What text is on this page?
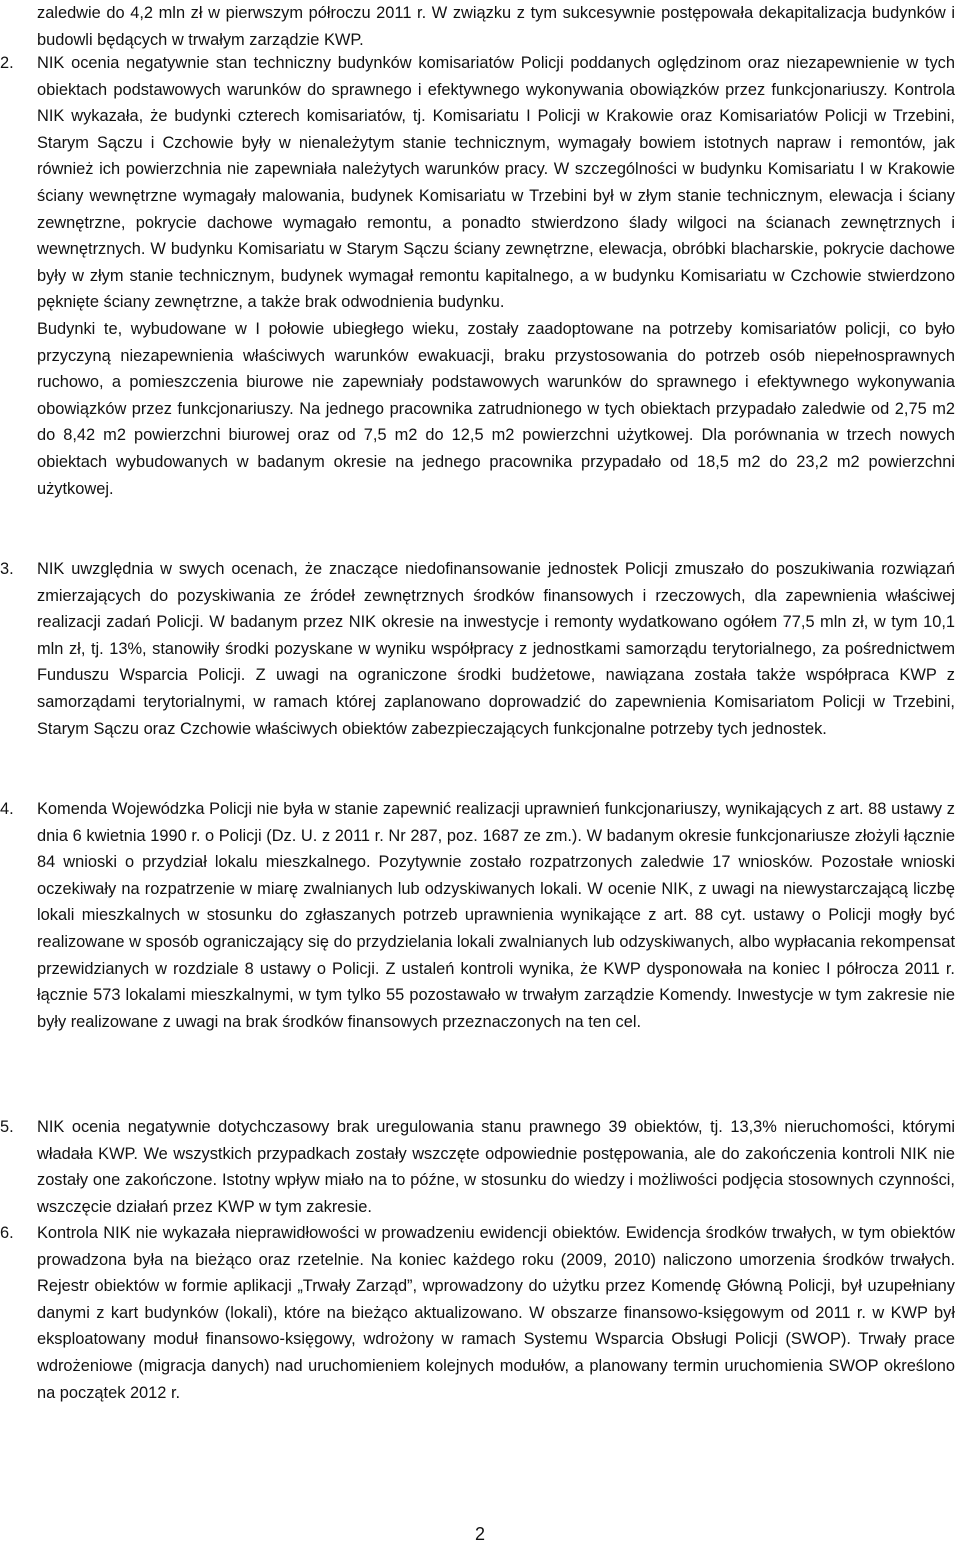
zaledwie do 4,2 mln zł w pierwszym półroczu 2011 r. W związku z tym sukcesywnie postępowała dekapitalizacja budynków i budowli będących w trwałym zarządzie KWP.

2.	NIK ocenia negatywnie stan techniczny budynków komisariatów Policji poddanych oględzinom oraz niezapewnienie w tych obiektach podstawowych warunków do sprawnego i efektywnego wykonywania obowiązków przez funkcjonariuszy. Kontrola NIK wykazała, że budynki czterech komisariatów, tj. Komisariatu I Policji w Krakowie oraz Komisariatów Policji w Trzebini, Starym Sączu i Czchowie były w nienależytym stanie technicznym, wymagały bowiem istotnych napraw i remontów, jak również ich powierzchnia nie zapewniała należytych warunków pracy. W szczególności w budynku Komisariatu I w Krakowie ściany wewnętrzne wymagały malowania, budynek Komisariatu w Trzebini był w złym stanie technicznym, elewacja i ściany zewnętrzne, pokrycie dachowe wymagało remontu, a ponadto stwierdzono ślady wilgoci na ścianach zewnętrznych i wewnętrznych. W budynku Komisariatu w Starym Sączu ściany zewnętrzne, elewacja, obróbki blacharskie, pokrycie dachowe były w złym stanie technicznym, budynek wymagał remontu kapitalnego, a w budynku Komisariatu w Czchowie stwierdzono pęknięte ściany zewnętrzne, a także brak odwodnienia budynku.

Budynki te, wybudowane w I połowie ubiegłego wieku, zostały zaadoptowane na potrzeby komisariatów policji, co było przyczyną niezapewnienia właściwych warunków ewakuacji, braku przystosowania do potrzeb osób niepełnosprawnych ruchowo, a pomieszczenia biurowe nie zapewniały podstawowych warunków do sprawnego i efektywnego wykonywania obowiązków przez funkcjonariuszy. Na jednego pracownika zatrudnionego w tych obiektach przypadało zaledwie od 2,75 m2 do 8,42 m2 powierzchni biurowej oraz od 7,5 m2 do 12,5 m2 powierzchni użytkowej. Dla porównania w trzech nowych obiektach wybudowanych w badanym okresie na jednego pracownika przypadało od 18,5 m2 do 23,2 m2 powierzchni użytkowej.

3.	NIK uwzględnia w swych ocenach, że znaczące niedofinansowanie jednostek Policji zmuszało do poszukiwania rozwiązań zmierzających do pozyskiwania ze źródeł zewnętrznych środków finansowych i rzeczowych, dla zapewnienia właściwej realizacji zadań Policji. W badanym przez NIK okresie na inwestycje i remonty wydatkowano ogółem 77,5 mln zł, w tym 10,1 mln zł, tj. 13%, stanowiły środki pozyskane w wyniku współpracy z jednostkami samorządu terytorialnego, za pośrednictwem Funduszu Wsparcia Policji. Z uwagi na ograniczone środki budżetowe, nawiązana została także współpraca KWP z samorządami terytorialnymi, w ramach której zaplanowano doprowadzić do zapewnienia Komisariatom Policji w Trzebini, Starym Sączu oraz Czchowie właściwych obiektów zabezpieczających funkcjonalne potrzeby tych jednostek.

4.	Komenda Wojewódzka Policji nie była w stanie zapewnić realizacji uprawnień funkcjonariuszy, wynikających z art. 88 ustawy z dnia 6 kwietnia 1990 r. o Policji (Dz. U. z 2011 r. Nr 287, poz. 1687 ze zm.). W badanym okresie funkcjonariusze złożyli łącznie 84 wnioski o przydział lokalu mieszkalnego. Pozytywnie zostało rozpatrzonych zaledwie 17 wniosków. Pozostałe wnioski oczekiwały na rozpatrzenie w miarę zwalnianych lub odzyskiwanych lokali. W ocenie NIK, z uwagi na niewystarczającą liczbę lokali mieszkalnych w stosunku do zgłaszanych potrzeb uprawnienia wynikające z art. 88 cyt. ustawy o Policji mogły być realizowane w sposób ograniczający się do przydzielania lokali zwalnianych lub odzyskiwanych, albo wypłacania rekompensat przewidzianych w rozdziale 8 ustawy o Policji. Z ustaleń kontroli wynika, że KWP dysponowała na koniec I półrocza 2011 r. łącznie 573 lokalami mieszkalnymi, w tym tylko 55 pozostawało w trwałym zarządzie Komendy. Inwestycje w tym zakresie nie były realizowane z uwagi na brak środków finansowych przeznaczonych na ten cel.

5.	NIK ocenia negatywnie dotychczasowy brak uregulowania stanu prawnego 39 obiektów, tj. 13,3% nieruchomości, którymi władała KWP. We wszystkich przypadkach zostały wszczęte odpowiednie postępowania, ale do zakończenia kontroli NIK nie zostały one zakończone. Istotny wpływ miało na to późne, w stosunku do wiedzy i możliwości podjęcia stosownych czynności, wszczęcie działań przez KWP w tym zakresie.

6.	Kontrola NIK nie wykazała nieprawidłowości w prowadzeniu ewidencji obiektów. Ewidencja środków trwałych, w tym obiektów prowadzona była na bieżąco oraz rzetelnie. Na koniec każdego roku (2009, 2010) naliczono umorzenia środków trwałych. Rejestr obiektów w formie aplikacji „Trwały Zarząd”, wprowadzony do użytku przez Komendę Główną Policji, był uzupełniany danymi z kart budynków (lokali), które na bieżąco aktualizowano. W obszarze finansowo-księgowym od 2011 r. w KWP był eksploatowany moduł finansowo-księgowy, wdrożony w ramach Systemu Wsparcia Obsługi Policji (SWOP). Trwały prace wdrożeniowe (migracja danych) nad uruchomieniem kolejnych modułów, a planowany termin uruchomienia SWOP określono na początek 2012 r.

2
